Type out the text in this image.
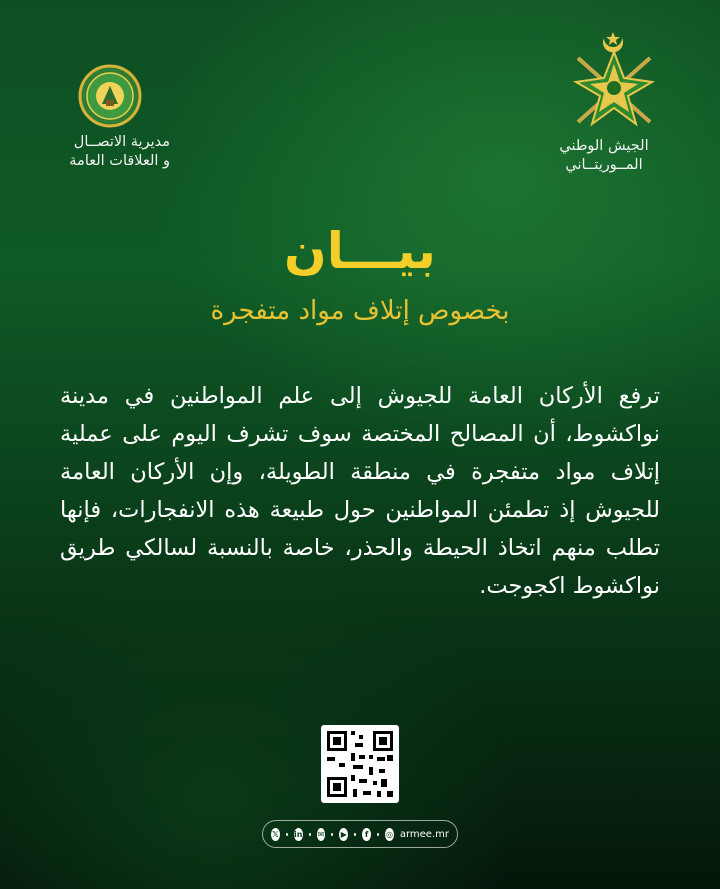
مديرية الاتصــال
و العلاقات العامة
الجيش الوطني
المــوريتــاني
بيـــان
بخصوص إتلاف مواد متفجرة
ترفع الأركان العامة للجيوش إلى علم المواطنين في مدينة نواكشوط، أن المصالح المختصة سوف تشرف اليوم على عملية إتلاف مواد متفجرة في منطقة الطويلة، وإن الأركان العامة للجيوش إذ تطمئن المواطنين حول طبيعة هذه الانفجارات، فإنها تطلب منهم اتخاذ الحيطة والحذر، خاصة بالنسبة لسالكي طريق نواكشوط اكجوجت.
𝕏 in ✉ ▶	f	◎ armee.mr
